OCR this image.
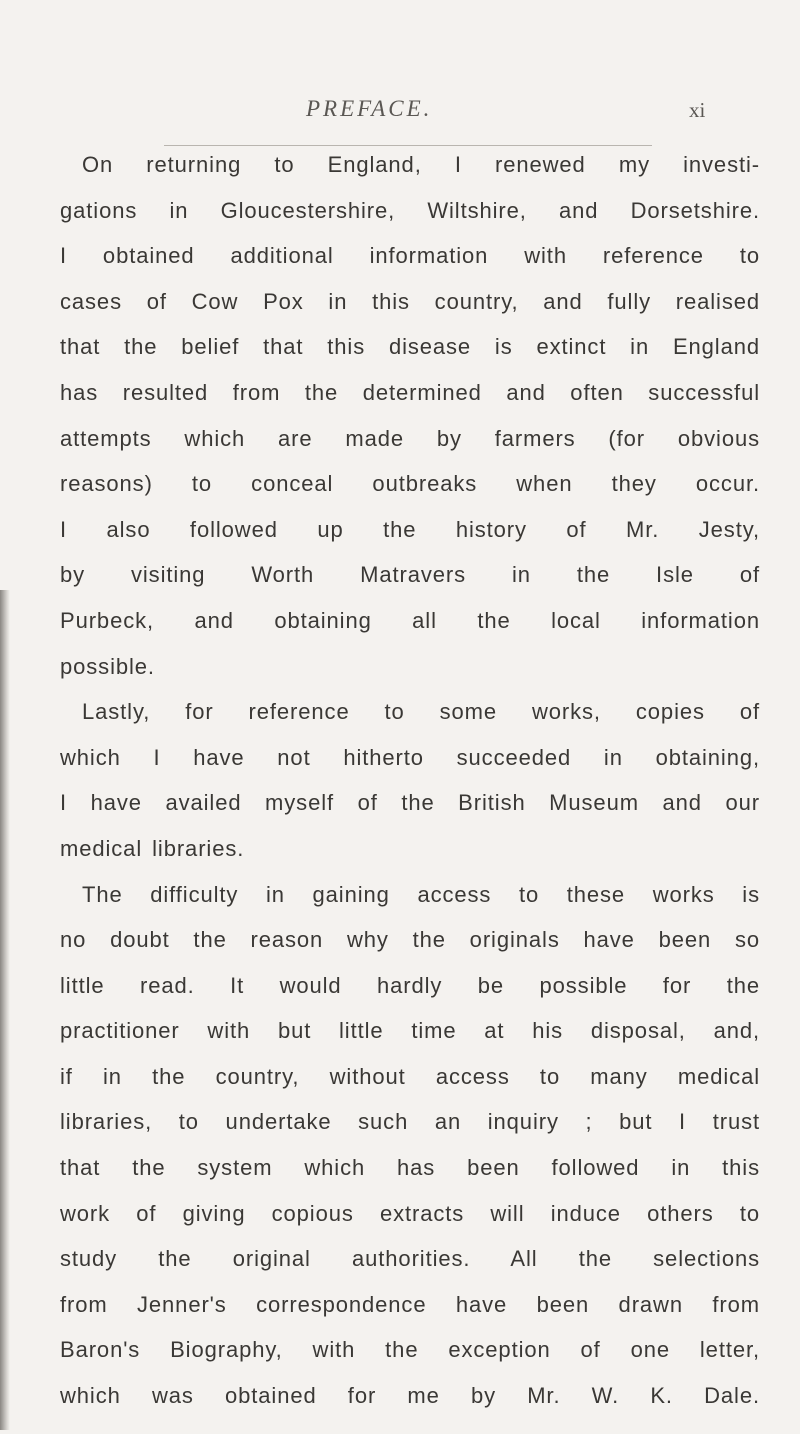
PREFACE.	xi
On returning to England, I renewed my investi-
gations in Gloucestershire, Wiltshire, and Dorsetshire.
I obtained additional information with reference to
cases of Cow Pox in this country, and fully realised
that the belief that this disease is extinct in England
has resulted from the determined and often successful
attempts which are made by farmers (for obvious
reasons) to conceal outbreaks when they occur.
I also followed up the history of Mr. Jesty,
by visiting Worth Matravers in the Isle of
Purbeck, and obtaining all the local information
possible.
Lastly, for reference to some works, copies of
which I have not hitherto succeeded in obtaining,
I have availed myself of the British Museum and our
medical libraries.
The difficulty in gaining access to these works is
no doubt the reason why the originals have been so
little read. It would hardly be possible for the
practitioner with but little time at his disposal, and,
if in the country, without access to many medical
libraries, to undertake such an inquiry ; but I trust
that the system which has been followed in this
work of giving copious extracts will induce others to
study the original authorities. All the selections
from Jenner's correspondence have been drawn from
Baron's Biography, with the exception of one letter,
which was obtained for me by Mr. W. K. Dale.
